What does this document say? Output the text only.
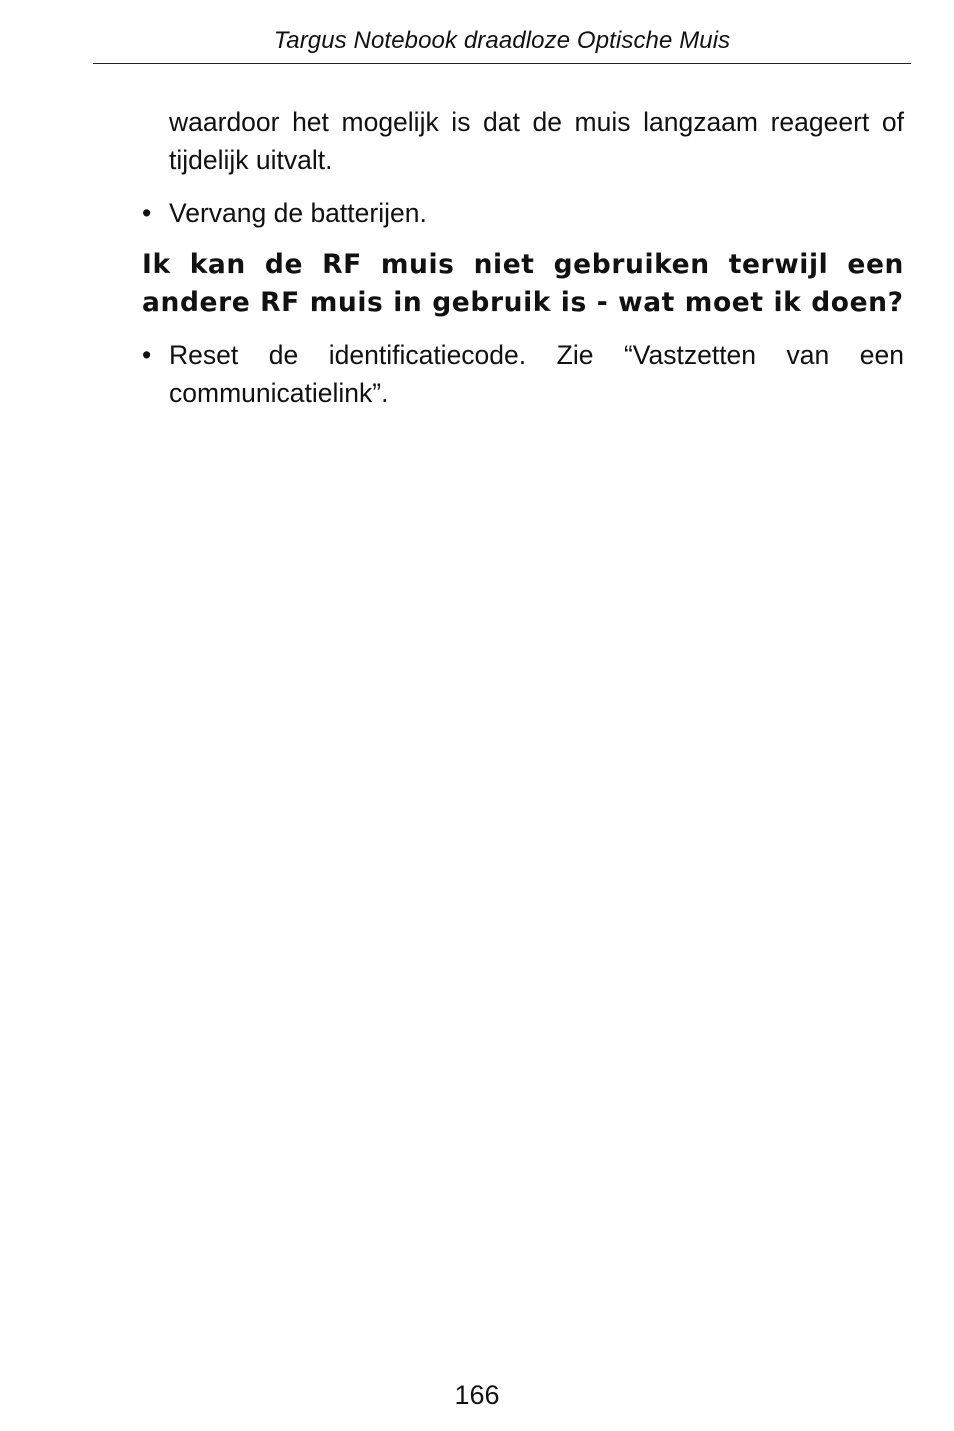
Targus Notebook draadloze Optische Muis

waardoor het mogelijk is dat de muis langzaam reageert of tijdelijk uitvalt.

• Vervang de batterijen.
Ik kan de RF muis niet gebruiken terwijl een andere RF muis in gebruik is - wat moet ik doen?
• Reset de identificatiecode. Zie “Vastzetten van een communicatielink”.
166
